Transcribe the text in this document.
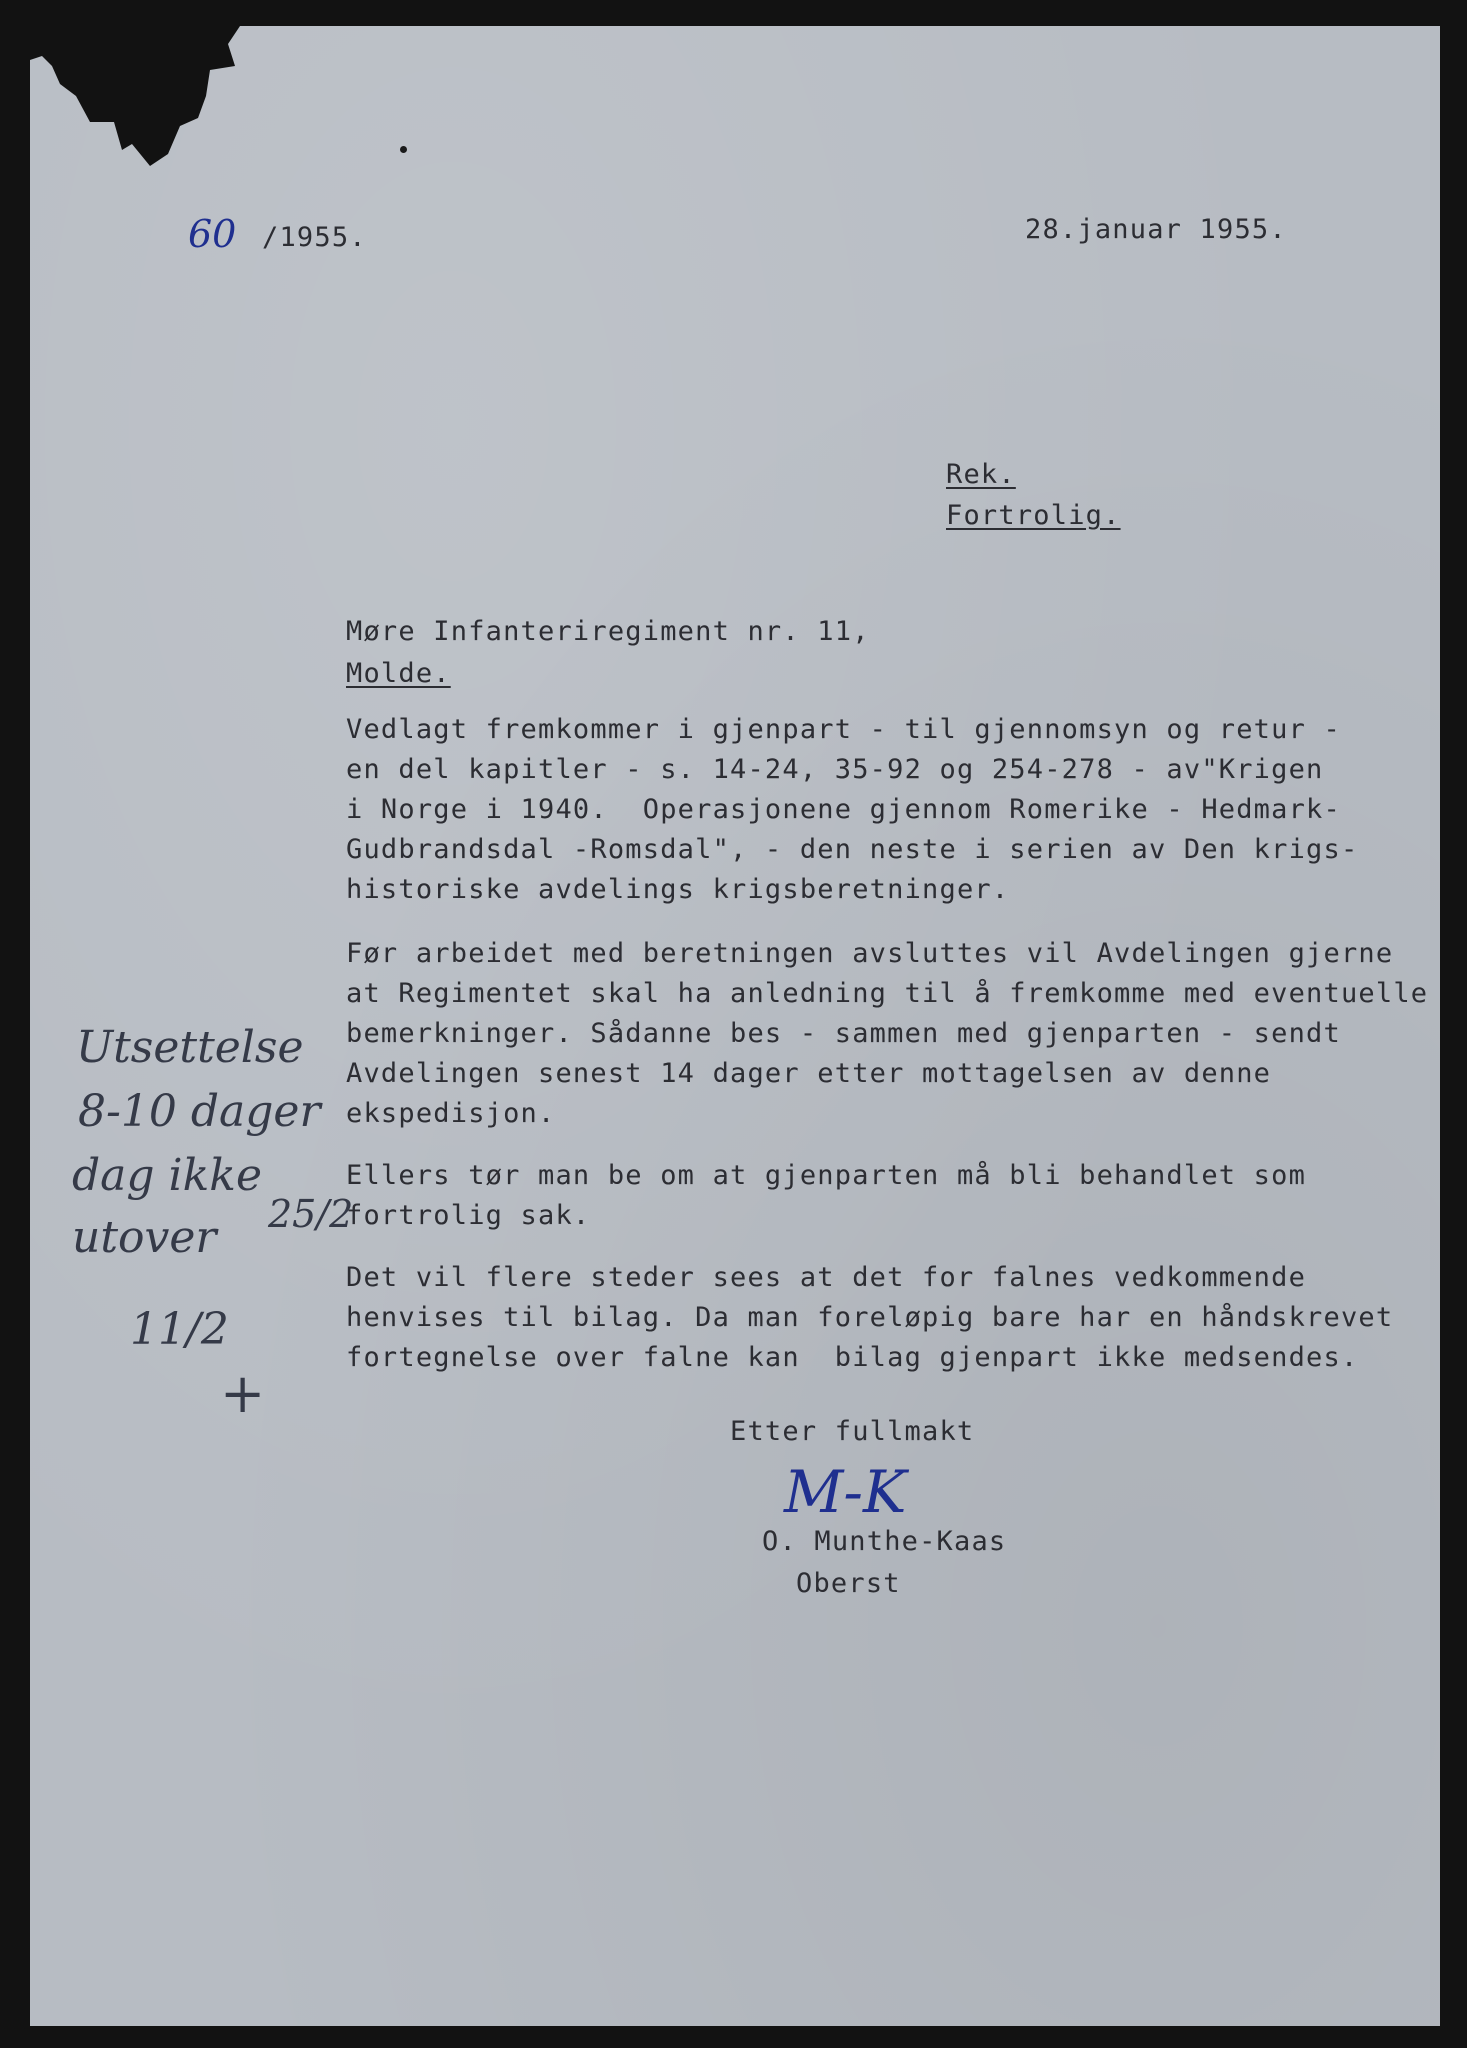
60 /1955.	28.januar 1955.

Rek.

Fortrolig.

Møre Infanteriregiment nr. 11,

Molde.

Vedlagt fremkommer i gjenpart - til gjennomsyn og retur -

en del kapitler - s. 14-24, 35-92 og 254-278 - av"Krigen

i Norge i 1940.  Operasjonene gjennom Romerike - Hedmark-

Gudbrandsdal -Romsdal", - den neste i serien av Den krigs-

historiske avdelings krigsberetninger.

Før arbeidet med beretningen avsluttes vil Avdelingen gjerne

at Regimentet skal ha anledning til å fremkomme med eventuelle

bemerkninger. Sådanne bes - sammen med gjenparten - sendt

Avdelingen senest 14 dager etter mottagelsen av denne

ekspedisjon.

Ellers tør man be om at gjenparten må bli behandlet som

fortrolig sak.

Det vil flere steder sees at det for falnes vedkommende

henvises til bilag. Da man foreløpig bare har en håndskrevet

fortegnelse over falne kan  bilag gjenpart ikke medsendes.

Etter fullmakt

M-K

O. Munthe-Kaas

Oberst

Utsettelse

8-10 dager

dag ikke

utover 25/2

11/2

+
